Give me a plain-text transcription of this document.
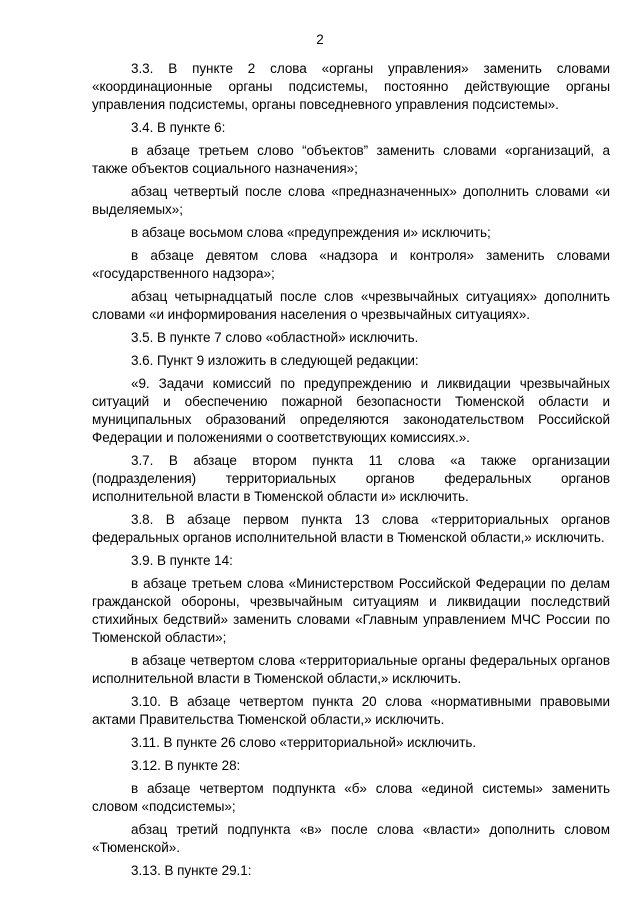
2

3.3. В пункте 2 слова «органы управления» заменить словами «координационные органы подсистемы, постоянно действующие органы управления подсистемы, органы повседневного управления подсистемы».

3.4. В пункте 6:

в абзаце третьем слово “объектов” заменить словами «организаций, а также объектов социального назначения»;

абзац четвертый после слова «предназначенных» дополнить словами «и выделяемых»;

в абзаце восьмом слова «предупреждения и» исключить;

в абзаце девятом слова «надзора и контроля» заменить словами «государственного надзора»;

абзац четырнадцатый после слов «чрезвычайных ситуациях» дополнить словами «и информирования населения о чрезвычайных ситуациях».

3.5. В пункте 7 слово «областной» исключить.

3.6. Пункт 9 изложить в следующей редакции:

«9. Задачи комиссий по предупреждению и ликвидации чрезвычайных ситуаций и обеспечению пожарной безопасности Тюменской области и муниципальных образований определяются законодательством Российской Федерации и положениями о соответствующих комиссиях.».

3.7. В абзаце втором пункта 11 слова «а также организации (подразделения) территориальных органов федеральных органов исполнительной власти в Тюменской области и» исключить.

3.8. В абзаце первом пункта 13 слова «территориальных органов федеральных органов исполнительной власти в Тюменской области,» исключить.

3.9. В пункте 14:

в абзаце третьем слова «Министерством Российской Федерации по делам гражданской обороны, чрезвычайным ситуациям и ликвидации последствий стихийных бедствий» заменить словами «Главным управлением МЧС России по Тюменской области»;

в абзаце четвертом слова «территориальные органы федеральных органов исполнительной власти в Тюменской области,» исключить.

3.10. В абзаце четвертом пункта 20 слова «нормативными правовыми актами Правительства Тюменской области,» исключить.

3.11. В пункте 26 слово «территориальной» исключить.

3.12. В пункте 28:

в абзаце четвертом подпункта «б» слова «единой системы» заменить словом «подсистемы»;

абзац третий подпункта «в» после слова «власти» дополнить словом «Тюменской».

3.13. В пункте 29.1:
